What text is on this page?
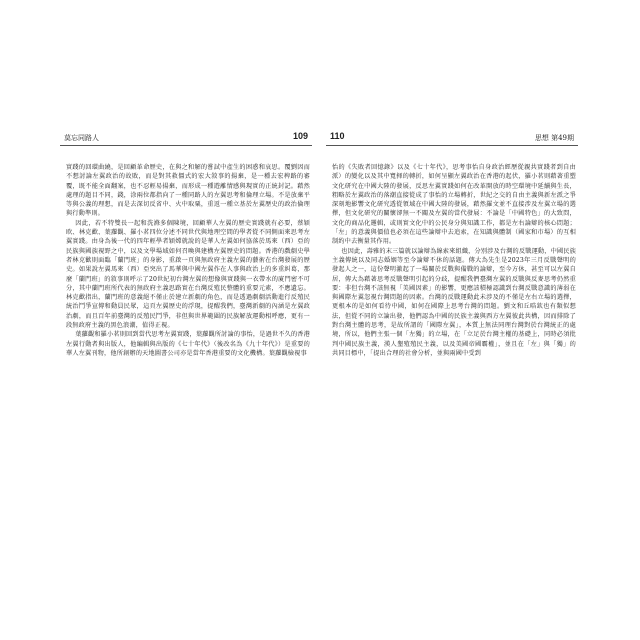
莫忘同路人	109

實踐的回環曲繞，是回顧革命歷史，在與之和解的嘗試中產生的困惑和哀思。覆劉因而不想討論左翼政治的故敗，而是對其救僵式的宏大敘事的揚棄，是一種去宏稗路的審覆，既不能全面翻案，也不忍輕易揚棄，而形成一種遊離情感與現實的正統封記。藉然處理的題目不同，錢，涂兩位都指向了一種同路人的左翼思考和倫理立場。不是放棄平等與公義的理想，而是去深切反省中、火中取粟，重返一種立基於左翼歷史的政治倫理與行動準則。

因此，若不特雙長一起和洗滌多個陳境，回顧華人左翼的歷史實踐就有必要，蔡穎欧、林克歡、葉蘿觀、羅小茗四位分述不同世代與地理空間的學者從不同側面來思考左翼實踐。由身為後一代的四年輕學者穎嫦就說的是華人左翼如何協落於馬來（西）亞的民族與國族視野之中，以及文學場域如何召喚與建構左翼歷史的問題。香港的戲劇史學者林克歡則面臨「蘭門班」的身影，重啟一頁與無政府主義左翼的藝術在台灣發展的歷史。如果說左翼馬來（西）亞突出了馬華與中國左翼作在人事與政治上的多重糾葛，那麼「蘭門班」的敘事則呼示了20世紀初台灣左翼的想像與實踐與一衣帶水的廈門密不可分，其中蘭門班所代表的無政府主義思路實在台灣反殖民整體的重要元素，不應遺忘。林克歡指出，蘭門班的意義絕不僅止於建立新劇的角色，而是透過劇劇活動進行反殖民統治鬥爭宣傳和動員民眾，這頁左翼歷史的浮現，提醒我們，臺灣新劇的內涵是左翼政治劇，而且百年前臺灣的反殖民鬥爭，非但與世界範圍的民族解放運動相呼應，更有一段無政府主義的黑色浪潮，值得正視。

葉蘿觀和羅小茗則回到當代思考左翼實踐，葉蘿觀所討論的事怡，是過世不久的香港左翼行動者與出版人，他編輯與出版的《七十年代》（後改名為《九十年代》）是重要的華人左翼刊物，他所創辦的天地圖書公司亦是當年香港重要的文化機構。葉蘿觀檢視事

110	思想 第49期

怡的《失敗者回憶錄》以及《七十年代》，思考事怡自身政治經歷從親共實踐者到自由派）的變化以及其中寬揮的轉折，如何呈顯左翼政治在香港的起伏，羅小茗則藉著重塑文化研究在中國大陸的發展，反思左翼實踐如何在改革開放的時空環境中延續與生長，粗略於左翼政治的落潮直接從成了事怡的立場轉折，世紀之交的自由主義與新左派之爭深刻地影響文化研究透從領域在中國大陸的發展，藉然羅文並不直接涉及左翼立場的選擇，但文化研究的關懷卻無一不關及左翼的當代發展：不論是「中國特色」的大致問，文化的商品化邏輯，或則實文化中的公民身分與知識工作，都是左右論辯的核心問題；「左」的意義與價值也必須在這些論辯中去追索，在知識與體制（國家和市場）的互相制約中去衡量其作用。

也因此，壽雅的末三篇就以論辯為線索來組織，分別涉及台灣的反戰運動，中國民族主義傳統以及同志婚姻等至今論辯不休的話題。傳大為先生是2023年三月反戰聲明的發起人之一，這份聲明激起了一場關於反戰與備戰的論辯，至今方休，甚至可以左翼自居，傳大為藉著思考反戰聲明引起的分歧，提醒我們臺灣左翼的反戰與反麥思考仍然重要：非但台灣不該無視「美國因素」的影響，更應該積極認識到台灣反戰意識的薄弱在與國際左翼忽視台灣問題的因素。台灣的反戰運動此未涉及的不僅是左右立場的選擇，更根本的是如何看待中國，如何在國際上思考台灣的問題。劉文和丘晧欽也有類似想法，但從不同的立論出發，他們認為中國的民族主義與西方左翼彼此共構，因而排除了對台灣主體的思考，是故所謂的「國際左翼」，本質上無法同理台灣對於台灣統正的處境，所以，他們主張一個「左獨」的立場，在「立足於台灣主權的基礎上，同時必須批判中國民族主義，漢人墾殖殖民主義，以及美國帝國霸權」，並且在「左」與「獨」的共同目標中，「提出合理的社會分析，並與兩國中受到
